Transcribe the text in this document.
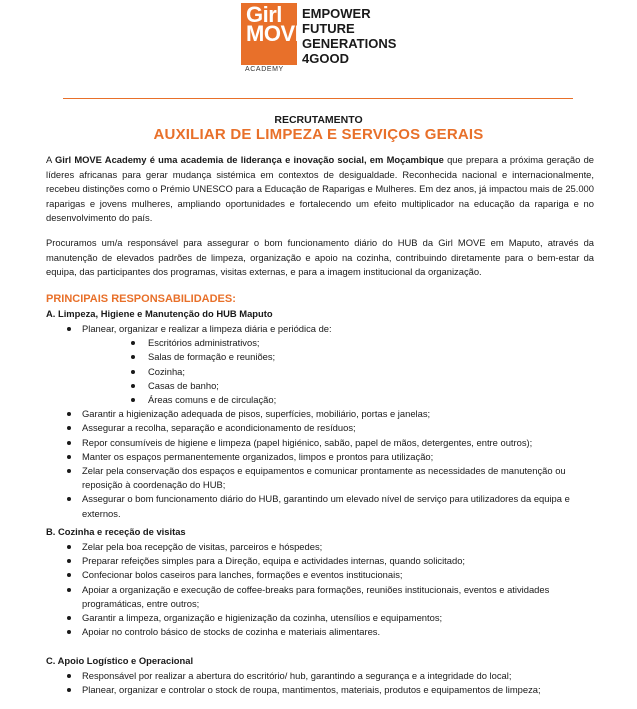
Girl
MOVE
ACADEMY
EMPOWER
FUTURE
GENERATIONS
4GOOD
RECRUTAMENTO
AUXILIAR DE LIMPEZA E SERVIÇOS GERAIS
A Girl MOVE Academy é uma academia de liderança e inovação social, em Moçambique que prepara a próxima geração de líderes africanas para gerar mudança sistémica em contextos de desigualdade. Reconhecida nacional e internacionalmente, recebeu distinções como o Prémio UNESCO para a Educação de Raparigas e Mulheres. Em dez anos, já impactou mais de 25.000 raparigas e jovens mulheres, ampliando oportunidades e fortalecendo um efeito multiplicador na educação da rapariga e no desenvolvimento do país.
Procuramos um/a responsável para assegurar o bom funcionamento diário do HUB da Girl MOVE em Maputo, através da manutenção de elevados padrões de limpeza, organização e apoio na cozinha, contribuindo diretamente para o bem-estar da equipa, das participantes dos programas, visitas externas, e para a imagem institucional da organização.
PRINCIPAIS RESPONSABILIDADES:
A. Limpeza, Higiene e Manutenção do HUB Maputo
Planear, organizar e realizar a limpeza diária e periódica de:
Escritórios administrativos;
Salas de formação e reuniões;
Cozinha;
Casas de banho;
Áreas comuns e de circulação;
Garantir a higienização adequada de pisos, superfícies, mobiliário, portas e janelas;
Assegurar a recolha, separação e acondicionamento de resíduos;
Repor consumíveis de higiene e limpeza (papel higiénico, sabão, papel de mãos, detergentes, entre outros);
Manter os espaços permanentemente organizados, limpos e prontos para utilização;
Zelar pela conservação dos espaços e equipamentos e comunicar prontamente as necessidades de manutenção ou reposição à coordenação do HUB;
Assegurar o bom funcionamento diário do HUB, garantindo um elevado nível de serviço para utilizadores da equipa e externos.
B. Cozinha e receção de visitas
Zelar pela boa recepção de visitas, parceiros e hóspedes;
Preparar refeições simples para a Direção, equipa e actividades internas, quando solicitado;
Confecionar bolos caseiros para lanches, formações e eventos institucionais;
Apoiar a organização e execução de coffee-breaks para formações, reuniões institucionais, eventos e atividades programáticas, entre outros;
Garantir a limpeza, organização e higienização da cozinha, utensílios e equipamentos;
Apoiar no controlo básico de stocks de cozinha e materiais alimentares.
C. Apoio Logístico e Operacional
Responsável por realizar a abertura do escritório/ hub, garantindo a segurança e a integridade do local;
Planear, organizar e controlar o stock de roupa, mantimentos, materiais, produtos e equipamentos de limpeza;
